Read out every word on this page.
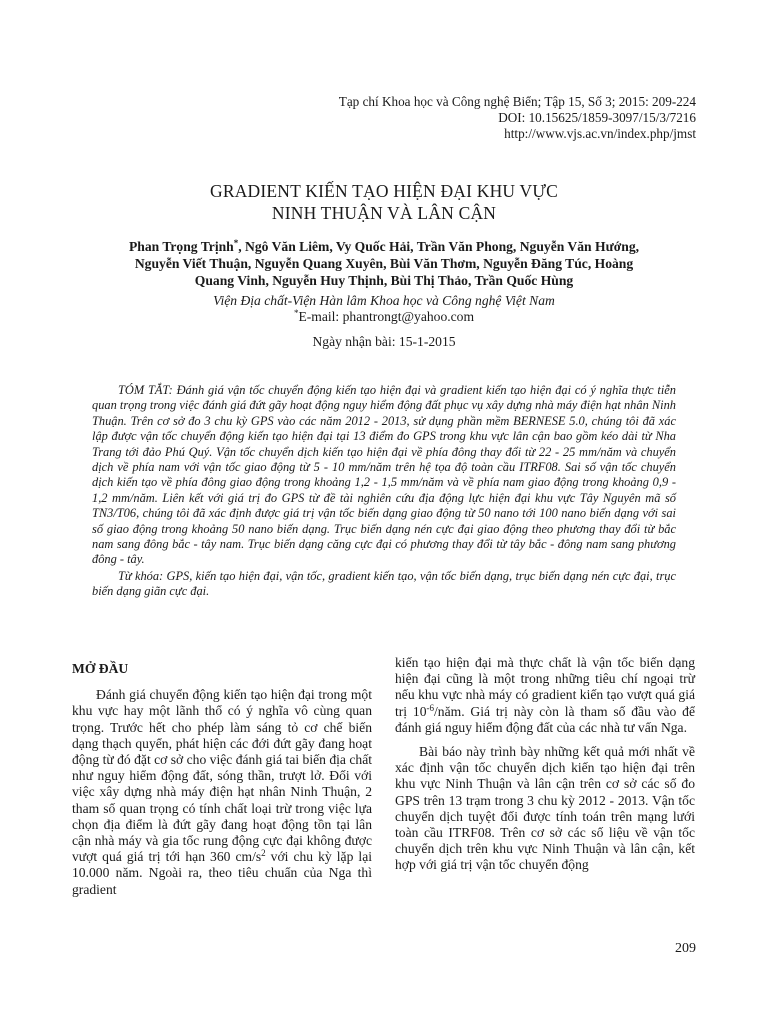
Tạp chí Khoa học và Công nghệ Biển; Tập 15, Số 3; 2015: 209-224
DOI: 10.15625/1859-3097/15/3/7216
http://www.vjs.ac.vn/index.php/jmst
GRADIENT KIẾN TẠO HIỆN ĐẠI KHU VỰC
NINH THUẬN VÀ LÂN CẬN
Phan Trọng Trịnh*, Ngô Văn Liêm, Vy Quốc Hải, Trần Văn Phong, Nguyễn Văn Hướng,
Nguyễn Viết Thuận, Nguyễn Quang Xuyên, Bùi Văn Thơm, Nguyễn Đăng Túc, Hoàng
Quang Vinh, Nguyễn Huy Thịnh, Bùi Thị Thảo, Trần Quốc Hùng
Viện Địa chất-Viện Hàn lâm Khoa học và Công nghệ Việt Nam
*E-mail: phantrongt@yahoo.com
Ngày nhận bài: 15-1-2015

TÓM TẮT: Đánh giá vận tốc chuyển động kiến tạo hiện đại và gradient kiến tạo hiện đại có ý nghĩa thực tiễn quan trọng trong việc đánh giá đứt gãy hoạt động nguy hiểm động đất phục vụ xây dựng nhà máy điện hạt nhân Ninh Thuận. Trên cơ sở đo 3 chu kỳ GPS vào các năm 2012 - 2013, sử dụng phần mềm BERNESE 5.0, chúng tôi đã xác lập được vận tốc chuyển động kiến tạo hiện đại tại 13 điểm đo GPS trong khu vực lân cận bao gồm kéo dài từ Nha Trang tới đảo Phú Quý. Vận tốc chuyển dịch kiến tạo hiện đại về phía đông thay đổi từ 22 - 25 mm/năm và chuyển dịch về phía nam với vận tốc giao động từ 5 - 10 mm/năm trên hệ tọa độ toàn cầu ITRF08. Sai số vận tốc chuyển dịch kiến tạo về phía đông giao động trong khoảng 1,2 - 1,5 mm/năm và về phía nam giao động trong khoảng 0,9 - 1,2 mm/năm. Liên kết với giá trị đo GPS từ đề tài nghiên cứu địa động lực hiện đại khu vực Tây Nguyên mã số TN3/T06, chúng tôi đã xác định được giá trị vận tốc biến dạng giao động từ 50 nano tới 100 nano biến dạng với sai số giao động trong khoảng 50 nano biến dạng. Trục biến dạng nén cực đại giao động theo phương thay đổi từ bắc nam sang đông bắc - tây nam. Trục biến dạng căng cực đại có phương thay đổi từ tây bắc - đông nam sang phương đông - tây.

Từ khóa: GPS, kiến tạo hiện đại, vận tốc, gradient kiến tạo, vận tốc biến dạng, trục biến dạng nén cực đại, trục biến dạng giãn cực đại.

MỞ ĐẦU

Đánh giá chuyển động kiến tạo hiện đại trong một khu vực hay một lãnh thổ có ý nghĩa vô cùng quan trọng. Trước hết cho phép làm sáng tỏ cơ chế biến dạng thạch quyển, phát hiện các đới đứt gãy đang hoạt động từ đó đặt cơ sở cho việc đánh giá tai biến địa chất như nguy hiểm động đất, sóng thần, trượt lở. Đối với việc xây dựng nhà máy điện hạt nhân Ninh Thuận, 2 tham số quan trọng có tính chất loại trừ trong việc lựa chọn địa điểm là đứt gãy đang hoạt động tồn tại lân cận nhà máy và gia tốc rung động cực đại không được vượt quá giá trị tới hạn 360 $cm/s^2$ với chu kỳ lặp lại 10.000 năm. Ngoài ra, theo tiêu chuẩn của Nga thì gradient

kiến tạo hiện đại mà thực chất là vận tốc biến dạng hiện đại cũng là một trong những tiêu chí ngoại trừ nếu khu vực nhà máy có gradient kiến tạo vượt quá giá trị $10^{-6}$/năm. Giá trị này còn là tham số đầu vào để đánh giá nguy hiểm động đất của các nhà tư vấn Nga.

Bài báo này trình bày những kết quả mới nhất về xác định vận tốc chuyển dịch kiến tạo hiện đại trên khu vực Ninh Thuận và lân cận trên cơ sở các số đo GPS trên 13 trạm trong 3 chu kỳ 2012 - 2013. Vận tốc chuyển dịch tuyệt đối được tính toán trên mạng lưới toàn cầu ITRF08. Trên cơ sở các số liệu về vận tốc chuyển dịch trên khu vực Ninh Thuận và lân cận, kết hợp với giá trị vận tốc chuyển động

209
